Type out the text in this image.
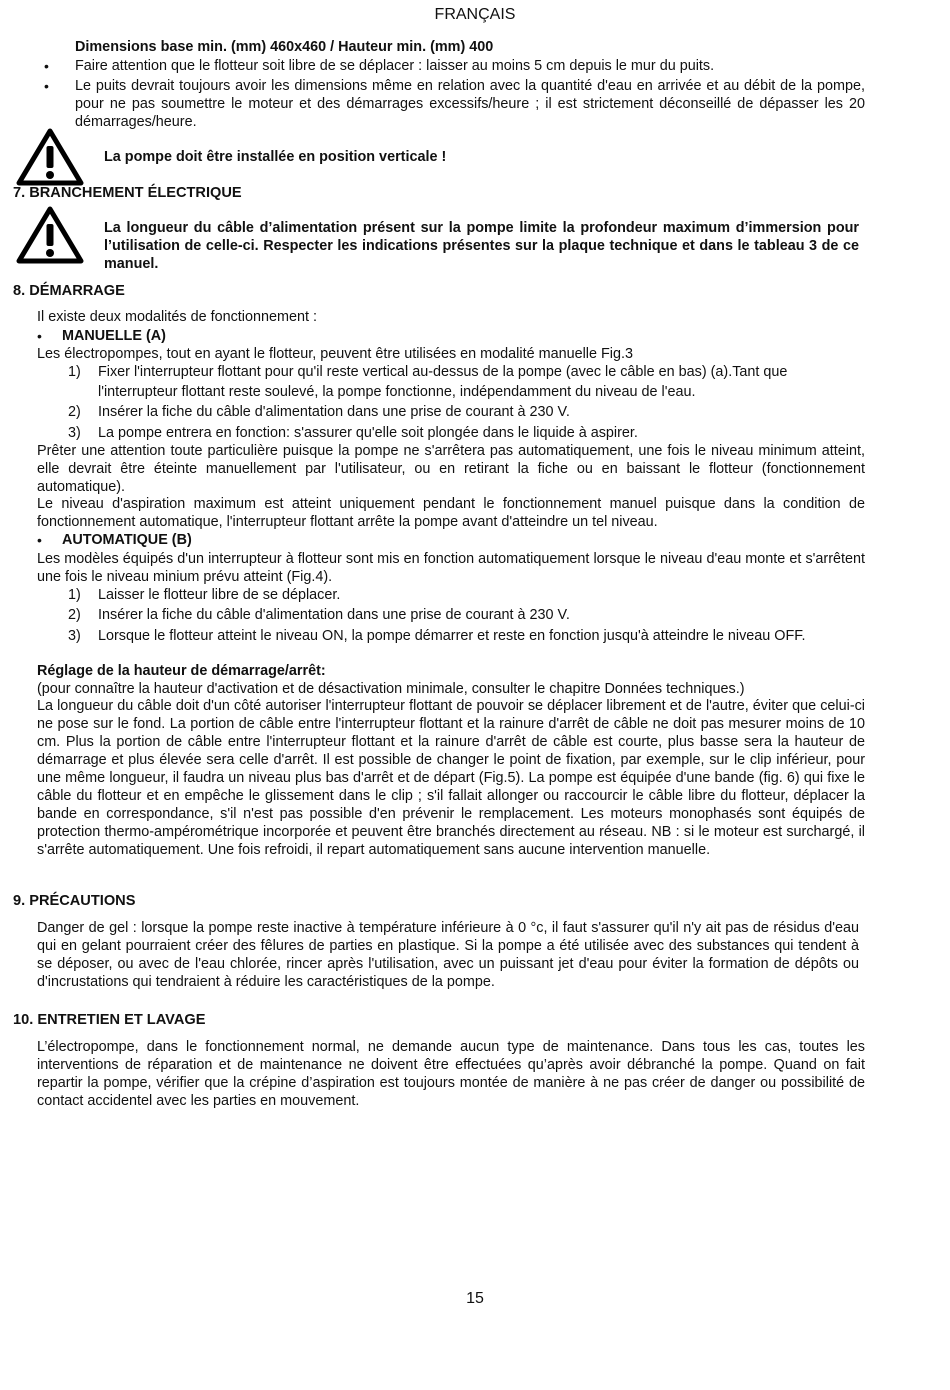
FRANÇAIS
Dimensions base min. (mm) 460x460 / Hauteur min. (mm) 400
• Faire attention que le flotteur soit libre de se déplacer : laisser au moins 5 cm depuis le mur du puits.
• Le puits devrait toujours avoir les dimensions même en relation avec la quantité d'eau en arrivée et au débit de la pompe, pour ne pas soumettre le moteur et des démarrages excessifs/heure ; il est strictement déconseillé de dépasser les 20 démarrages/heure.
La pompe doit être installée en position verticale !
7. BRANCHEMENT ÉLECTRIQUE
La longueur du câble d’alimentation présent sur la pompe limite la profondeur maximum d’immersion pour l’utilisation de celle-ci. Respecter les indications présentes sur la plaque technique et dans le tableau 3 de ce manuel.
8. DÉMARRAGE
Il existe deux modalités de fonctionnement :
• MANUELLE (A)
Les électropompes, tout en ayant le flotteur, peuvent être utilisées en modalité manuelle Fig.3
1) Fixer l'interrupteur flottant pour qu'il reste vertical au-dessus de la pompe (avec le câble en bas) (a).Tant que
l'interrupteur flottant reste soulevé, la pompe fonctionne, indépendamment du niveau de l'eau.
2) Insérer la fiche du câble d'alimentation dans une prise de courant à 230 V.
3) La pompe entrera en fonction: s'assurer qu'elle soit plongée dans le liquide à aspirer.
Prêter une attention toute particulière puisque la pompe ne s'arrêtera pas automatiquement, une fois le niveau minimum atteint, elle devrait être éteinte manuellement par l'utilisateur, ou en retirant la fiche ou en baissant le flotteur (fonctionnement automatique).
Le niveau d'aspiration maximum est atteint uniquement pendant le fonctionnement manuel puisque dans la condition de fonctionnement automatique, l'interrupteur flottant arrête la pompe avant d'atteindre un tel niveau.
• AUTOMATIQUE (B)
Les modèles équipés d'un interrupteur à flotteur sont mis en fonction automatiquement lorsque le niveau d'eau monte et s'arrêtent une fois le niveau minium prévu atteint (Fig.4).
1) Laisser le flotteur libre de se déplacer.
2) Insérer la fiche du câble d'alimentation dans une prise de courant à 230 V.
3) Lorsque le flotteur atteint le niveau ON, la pompe démarrer et reste en fonction jusqu'à atteindre le niveau OFF.
Réglage de la hauteur de démarrage/arrêt:
(pour connaître la hauteur d'activation et de désactivation minimale, consulter le chapitre Données techniques.)
La longueur du câble doit d'un côté autoriser l'interrupteur flottant de pouvoir se déplacer librement et de l'autre, éviter que celui-ci ne pose sur le fond. La portion de câble entre l'interrupteur flottant et la rainure d'arrêt de câble ne doit pas mesurer moins de 10 cm. Plus la portion de câble entre l'interrupteur flottant et la rainure d'arrêt de câble est courte, plus basse sera la hauteur de démarrage et plus élevée sera celle d'arrêt. Il est possible de changer le point de fixation, par exemple, sur le clip inférieur, pour une même longueur, il faudra un niveau plus bas d'arrêt et de départ (Fig.5). La pompe est équipée d'une bande (fig. 6) qui fixe le câble du flotteur et en empêche le glissement dans le clip ; s'il fallait allonger ou raccourcir le câble libre du flotteur, déplacer la bande en correspondance, s'il n'est pas possible d'en prévenir le remplacement. Les moteurs monophasés sont équipés de protection thermo-ampérométrique incorporée et peuvent être branchés directement au réseau. NB : si le moteur est surchargé, il s'arrête automatiquement. Une fois refroidi, il repart automatiquement sans aucune intervention manuelle.
9. PRÉCAUTIONS
Danger de gel : lorsque la pompe reste inactive à température inférieure à 0 °c, il faut s'assurer qu'il n'y ait pas de résidus d'eau qui en gelant pourraient créer des fêlures de parties en plastique. Si la pompe a été utilisée avec des substances qui tendent à se déposer, ou avec de l'eau chlorée, rincer après l'utilisation, avec un puissant jet d'eau pour éviter la formation de dépôts ou d'incrustations qui tendraient à réduire les caractéristiques de la pompe.
10. ENTRETIEN ET LAVAGE
L’électropompe, dans le fonctionnement normal, ne demande aucun type de maintenance. Dans tous les cas, toutes les interventions de réparation et de maintenance ne doivent être effectuées qu’après avoir débranché la pompe. Quand on fait repartir la pompe, vérifier que la crépine d’aspiration est toujours montée de manière à ne pas créer de danger ou possibilité de contact accidentel avec les parties en mouvement.
15
